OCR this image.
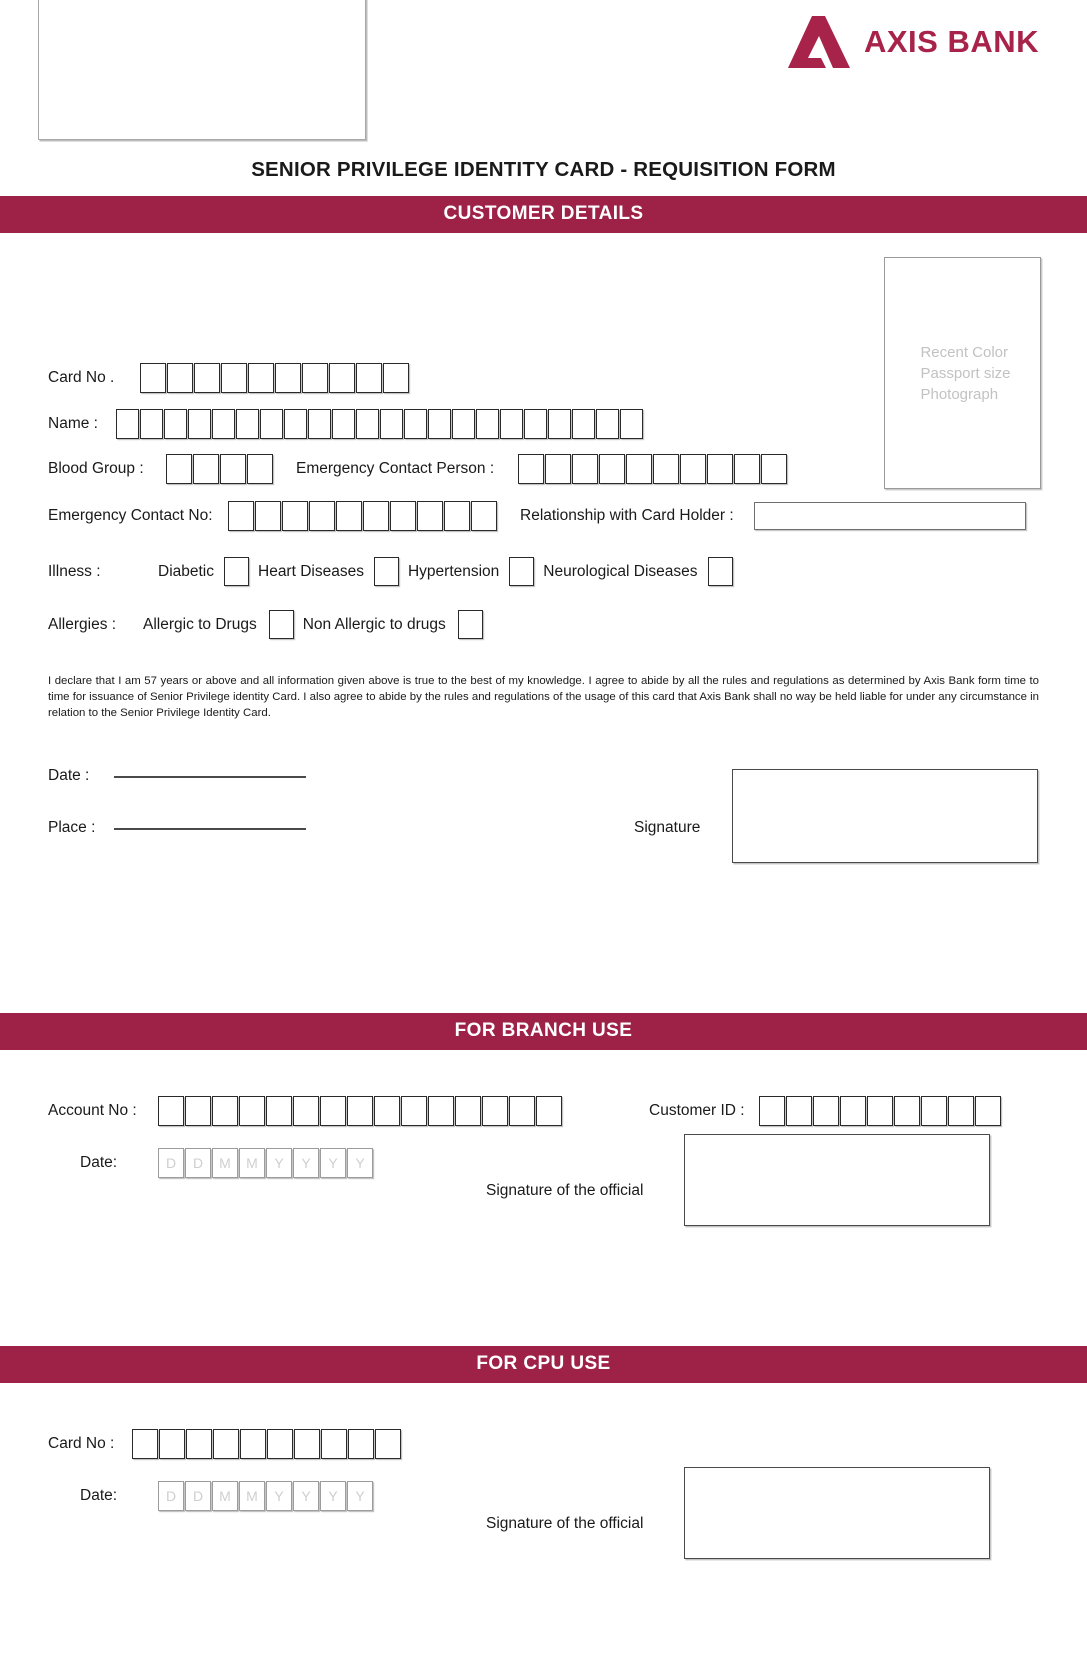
AXIS BANK
SENIOR PRIVILEGE IDENTITY CARD - REQUISITION FORM
CUSTOMER DETAILS
Recent Color
Passport size
Photograph
Card No .
Name :
Blood Group :	Emergency Contact Person :
Emergency Contact No:	Relationship with Card Holder :
Illness :	Diabetic	Heart Diseases	Hypertension	Neurological Diseases
Allergies :	Allergic to Drugs	Non Allergic to drugs
I declare that I am 57 years or above and all information given above is true to the best of my knowledge. I agree to abide by all the rules and regulations as determined by Axis Bank form time to time for issuance of Senior Privilege identity Card. I also agree to abide by the rules and regulations of the usage of this card that Axis Bank shall no way be held liable for under any circumstance in relation to the Senior Privilege Identity Card.
Date :
Place :	Signature
FOR BRANCH USE
Account No :	Customer ID :
Date:	D	D	M	M	Y	Y	Y	Y
Signature of the official
FOR CPU USE
Card No :
Date:	D	D	M	M	Y	Y	Y	Y
Signature of the official
